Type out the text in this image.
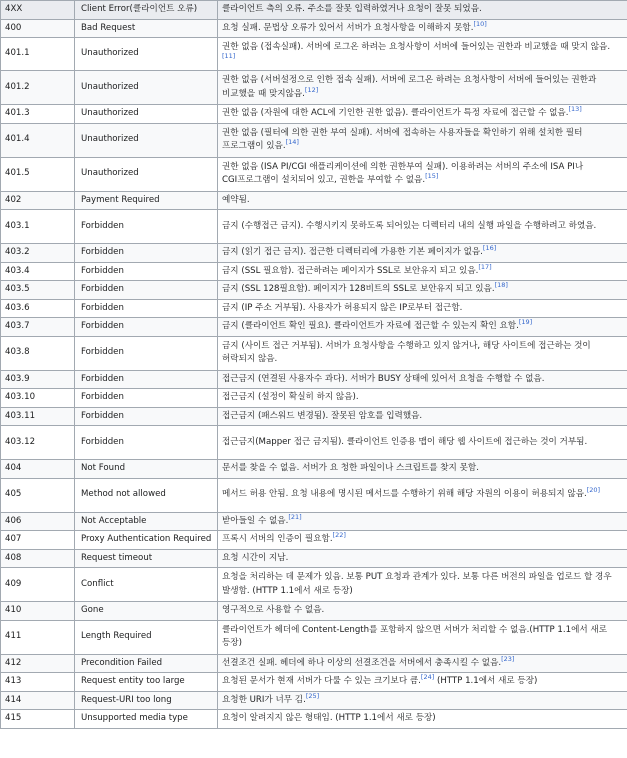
4XX	Client Error(클라이언트 오류)	클라이언트 측의 오류. 주소를 잘못 입력하였거나 요청이 잘못 되었음.
400	Bad Request	요청 실패. 문법상 오류가 있어서 서버가 요청사항을 이해하지 못함.[10]
401.1	Unauthorized	권한 없음 (접속실패). 서버에 로그온 하려는 요청사항이 서버에 들어있는 권한과 비교했을 때 맞지 않음.[11]
401.2	Unauthorized	권한 없음 (서버설정으로 인한 접속 실패). 서버에 로그온 하려는 요청사항이 서버에 들어있는 권한과 비교했을 때 맞지않음.[12]
401.3	Unauthorized	권한 없음 (자원에 대한 ACL에 기인한 권한 없음). 클라이언트가 특정 자료에 접근할 수 없음.[13]
401.4	Unauthorized	권한 없음 (필터에 의한 권한 부여 실패). 서버에 접속하는 사용자들을 확인하기 위해 설치한 필터 프로그램이 있음.[14]
401.5	Unauthorized	권한 없음 (ISA PI/CGI 애플리케이션에 의한 권한부여 실패). 이용하려는 서버의 주소에 ISA PI나 CGI프로그램이 설치되어 있고, 권한을 부여할 수 없음.[15]
402	Payment Required	예약됨.
403.1	Forbidden	금지 (수행접근 금지). 수행시키지 못하도록 되어있는 디렉터리 내의 실행 파일을 수행하려고 하였음.
403.2	Forbidden	금지 (읽기 접근 금지). 접근한 디렉터리에 가용한 기본 페이지가 없음.[16]
403.4	Forbidden	금지 (SSL 필요함). 접근하려는 페이지가 SSL로 보안유지 되고 있음.[17]
403.5	Forbidden	금지 (SSL 128필요함). 페이지가 128비트의 SSL로 보안유지 되고 있음.[18]
403.6	Forbidden	금지 (IP 주소 거부됨). 사용자가 허용되지 않은 IP로부터 접근함.
403.7	Forbidden	금지 (클라이언트 확인 필요). 클라이언트가 자료에 접근할 수 있는지 확인 요함.[19]
403.8	Forbidden	금지 (사이트 접근 거부됨). 서버가 요청사항을 수행하고 있지 않거나, 해당 사이트에 접근하는 것이 허락되지 않음.
403.9	Forbidden	접근금지 (연결된 사용자수 과다). 서버가 BUSY 상태에 있어서 요청을 수행할 수 없음.
403.10	Forbidden	접근금지 (설정이 확실히 하지 않음).
403.11	Forbidden	접근금지 (패스워드 변경됨). 잘못된 암호를 입력했음.
403.12	Forbidden	접근금지(Mapper 접근 금지됨). 클라이언트 인증용 맵이 해당 웹 사이트에 접근하는 것이 거부됨.
404	Not Found	문서를 찾을 수 없음. 서버가 요 청한 파일이나 스크립트를 찾지 못함.
405	Method not allowed	메서드 허용 안됨. 요청 내용에 명시된 메서드를 수행하기 위해 해당 자원의 이용이 허용되지 않음.[20]
406	Not Acceptable	받아들일 수 없음.[21]
407	Proxy Authentication Required	프록시 서버의 인증이 필요함.[22]
408	Request timeout	요청 시간이 지남.
409	Conflict	요청을 처리하는 데 문제가 있음. 보통 PUT 요청과 관계가 있다. 보통 다른 버전의 파일을 업로드 할 경우 발생함. (HTTP 1.1에서 새로 등장)
410	Gone	영구적으로 사용할 수 없음.
411	Length Required	클라이언트가 헤더에 Content-Length를 포함하지 않으면 서버가 처리할 수 없음.(HTTP 1.1에서 새로 등장)
412	Precondition Failed	선결조건 실패. 헤더에 하나 이상의 선결조건을 서버에서 충족시킬 수 없음.[23]
413	Request entity too large	요청된 문서가 현재 서버가 다룰 수 있는 크기보다 큼.[24] (HTTP 1.1에서 새로 등장)
414	Request-URI too long	요청한 URI가 너무 김.[25]
415	Unsupported media type	요청이 알려지지 않은 형태임. (HTTP 1.1에서 새로 등장)
